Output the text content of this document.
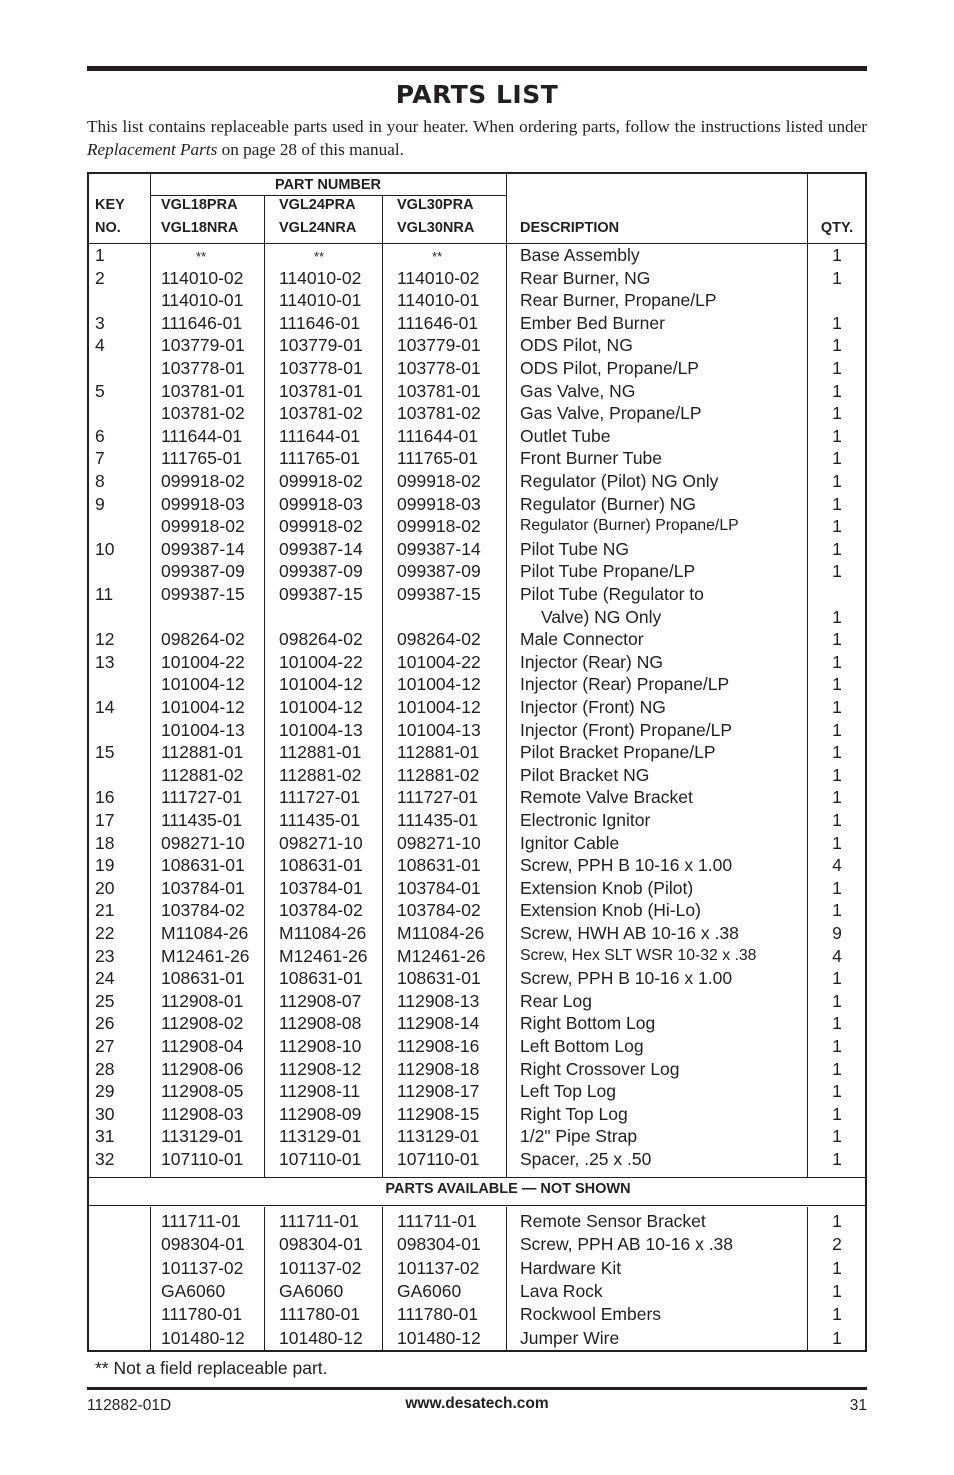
PARTS LIST
This list contains replaceable parts used in your heater. When ordering parts, follow the instructions listed under Replacement Parts on page 28 of this manual.
KEY
NO.
PART NUMBER
VGL18PRA	VGL24PRA	VGL30PRA
VGL18NRA	VGL24NRA	VGL30NRA	DESCRIPTION	QTY.
1	**	**	**	Base Assembly	1
2	114010-02 114010-02 114010-02 Rear Burner, NG	1
114010-01 114010-01 114010-01 Rear Burner, Propane/LP
3	111646-01 111646-01 111646-01 Ember Bed Burner	1
4	103779-01 103779-01 103779-01 ODS Pilot, NG	1
103778-01 103778-01 103778-01 ODS Pilot, Propane/LP	1
5	103781-01 103781-01 103781-01 Gas Valve, NG	1
103781-02 103781-02 103781-02 Gas Valve, Propane/LP	1
6	111644-01 111644-01 111644-01 Outlet Tube	1
7	111765-01 111765-01 111765-01 Front Burner Tube	1
8	099918-02 099918-02 099918-02 Regulator (Pilot) NG Only	1
9	099918-03 099918-03 099918-03 Regulator (Burner) NG	1
099918-02 099918-02 099918-02 Regulator (Burner) Propane/LP	1
10	099387-14 099387-14 099387-14 Pilot Tube NG	1
099387-09 099387-09 099387-09 Pilot Tube Propane/LP	1
11	099387-15 099387-15 099387-15 Pilot Tube (Regulator to
Valve) NG Only	1
12	098264-02 098264-02 098264-02 Male Connector	1
13	101004-22 101004-22 101004-22 Injector (Rear) NG	1
101004-12 101004-12 101004-12 Injector (Rear) Propane/LP	1
14	101004-12 101004-12 101004-12 Injector (Front) NG	1
101004-13 101004-13 101004-13 Injector (Front) Propane/LP	1
15	112881-01 112881-01 112881-01 Pilot Bracket Propane/LP	1
112881-02 112881-02 112881-02 Pilot Bracket NG	1
16	111727-01 111727-01 111727-01 Remote Valve Bracket	1
17	111435-01 111435-01 111435-01 Electronic Ignitor	1
18	098271-10 098271-10 098271-10 Ignitor Cable	1
19	108631-01 108631-01 108631-01 Screw, PPH B 10-16 x 1.00	4
20	103784-01 103784-01 103784-01 Extension Knob (Pilot)	1
21	103784-02 103784-02 103784-02 Extension Knob (Hi-Lo)	1
22	M11084-26 M11084-26 M11084-26 Screw, HWH AB 10-16 x .38	9
23	M12461-26 M12461-26 M12461-26 Screw, Hex SLT WSR 10-32 x .38	4
24	108631-01 108631-01 108631-01 Screw, PPH B 10-16 x 1.00	1
25	112908-01 112908-07 112908-13 Rear Log	1
26	112908-02 112908-08 112908-14 Right Bottom Log	1
27	112908-04 112908-10 112908-16 Left Bottom Log	1
28	112908-06 112908-12 112908-18 Right Crossover Log	1
29	112908-05 112908-11 112908-17 Left Top Log	1
30	112908-03 112908-09 112908-15 Right Top Log	1
31	113129-01 113129-01 113129-01 1/2" Pipe Strap	1
32	107110-01 107110-01 107110-01 Spacer, .25 x .50	1
PARTS AVAILABLE — NOT SHOWN
111711-01 111711-01 111711-01 Remote Sensor Bracket	1
098304-01 098304-01 098304-01 Screw, PPH AB 10-16 x .38	2
101137-02 101137-02 101137-02 Hardware Kit	1
GA6060	GA6060	GA6060	Lava Rock	1
111780-01 111780-01 111780-01 Rockwool Embers	1
101480-12 101480-12 101480-12 Jumper Wire	1
** Not a field replaceable part.
112882-01D	www.desatech.com	31
